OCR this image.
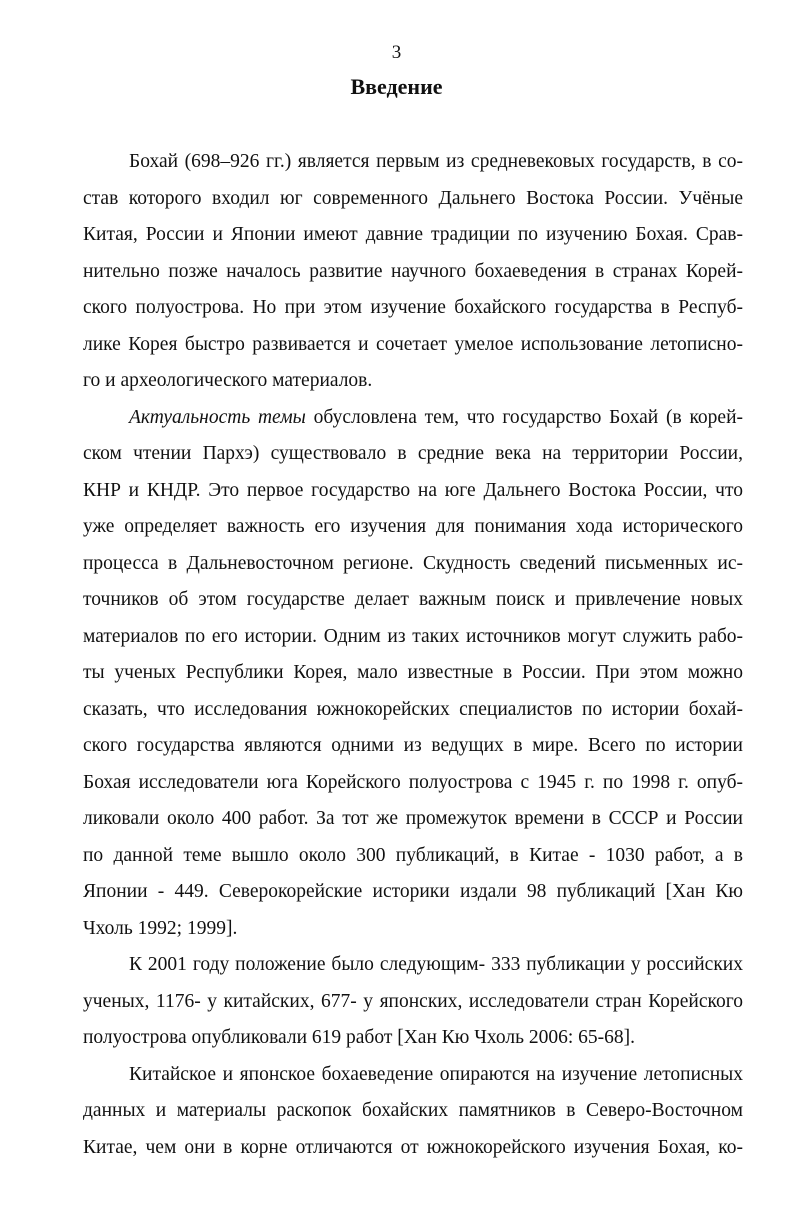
3
Введение

Бохай (698–926 гг.) является первым из средневековых государств, в со-
став которого входил юг современного Дальнего Востока России. Учёные
Китая, России и Японии имеют давние традиции по изучению Бохая. Срав-
нительно позже началось развитие научного бохаеведения в странах Корей-
ского полуострова. Но при этом изучение бохайского государства в Респуб-
лике Корея быстро развивается и сочетает умелое использование летописно-
го и археологического материалов.

Актуальность темы обусловлена тем, что государство Бохай (в корей-
ском чтении Пархэ) существовало в средние века на территории России,
КНР и КНДР. Это первое государство на юге Дальнего Востока России, что
уже определяет важность его изучения для понимания хода исторического
процесса в Дальневосточном регионе. Скудность сведений письменных ис-
точников об этом государстве делает важным поиск и привлечение новых
материалов по его истории. Одним из таких источников могут служить рабо-
ты ученых Республики Корея, мало известные в России. При этом можно
сказать, что исследования южнокорейских специалистов по истории бохай-
ского государства являются одними из ведущих в мире. Всего по истории
Бохая исследователи юга Корейского полуострова с 1945 г. по 1998 г. опуб-
ликовали около 400 работ. За тот же промежуток времени в СССР и России
по данной теме вышло около 300 публикаций, в Китае - 1030 работ, а в
Японии - 449. Северокорейские историки издали 98 публикаций [Хан Кю
Чхоль 1992; 1999].

К 2001 году положение было следующим- 333 публикации у российских
ученых, 1176- у китайских, 677- у японских, исследователи стран Корейского
полуострова опубликовали 619 работ [Хан Кю Чхоль 2006: 65-68].

Китайское и японское бохаеведение опираются на изучение летописных
данных и материалы раскопок бохайских памятников в Северо-Восточном
Китае, чем они в корне отличаются от южнокорейского изучения Бохая, ко-
